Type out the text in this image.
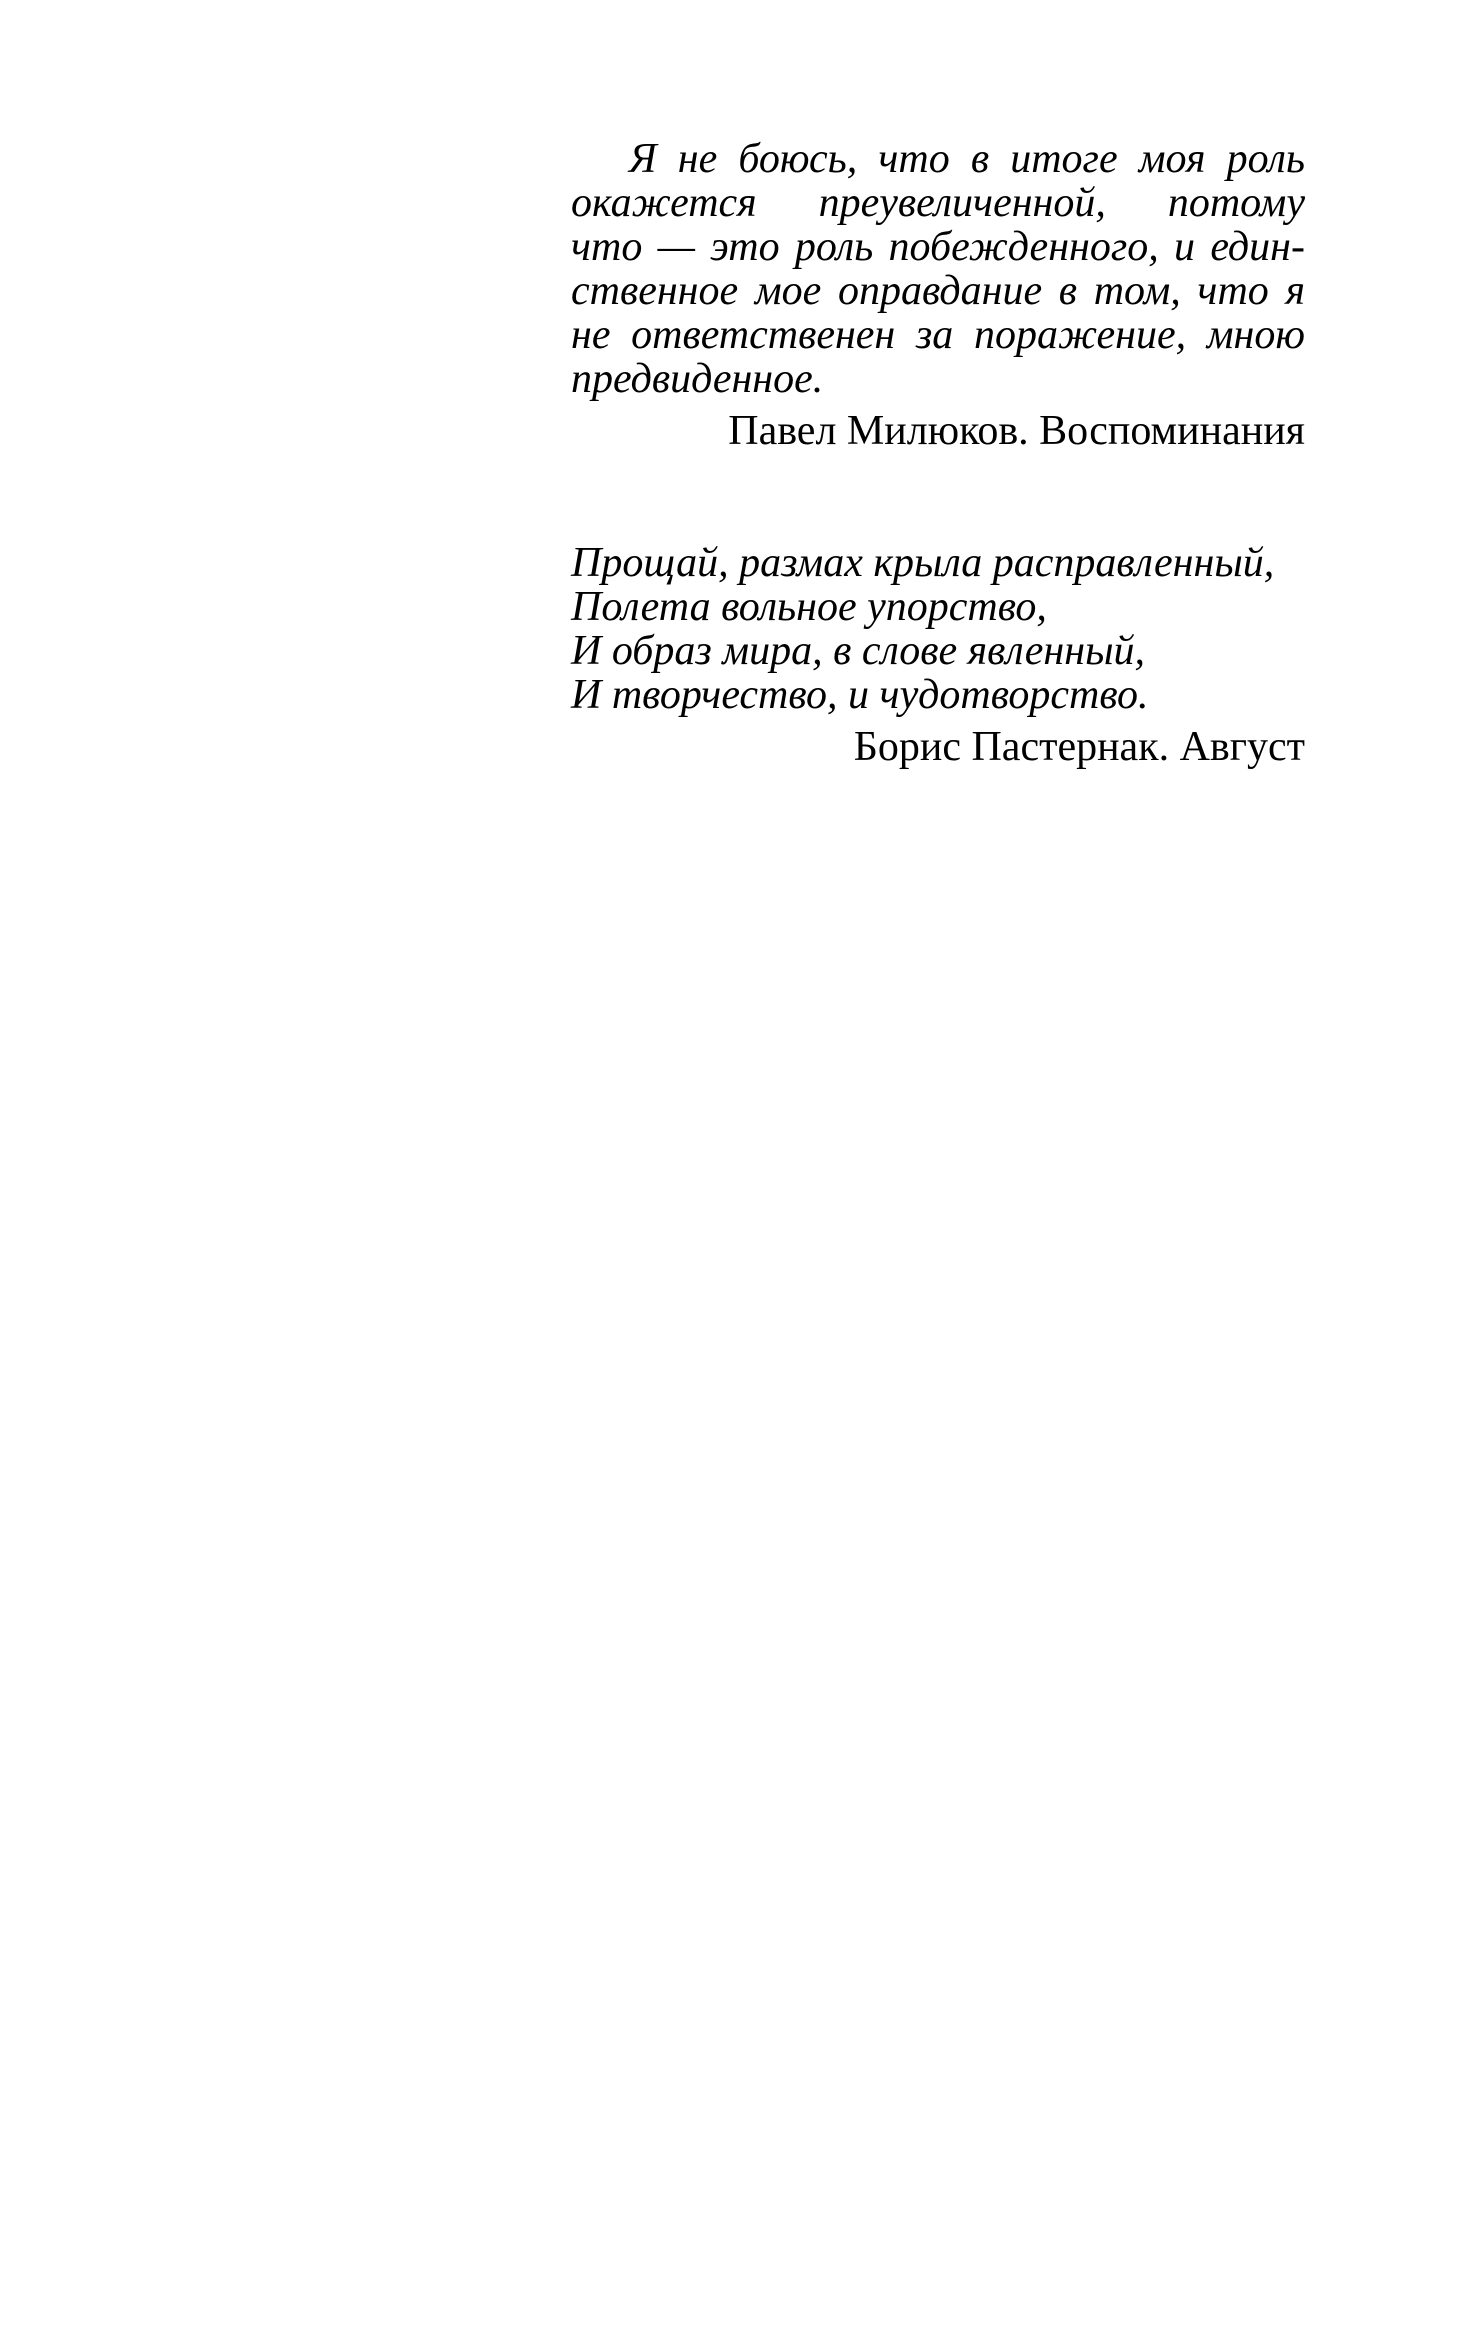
Я не боюсь, что в итоге моя роль
окажется преувеличенной, потому
что — это роль побежденного, и един-
ственное мое оправдание в том, что я
не ответственен за поражение, мною
предвиденное.

Павел Милюков. Воспоминания

Прощай, размах крыла расправленный,
Полета вольное упорство,
И образ мира, в слове явленный,
И творчество, и чудотворство.

Борис Пастернак. Август
